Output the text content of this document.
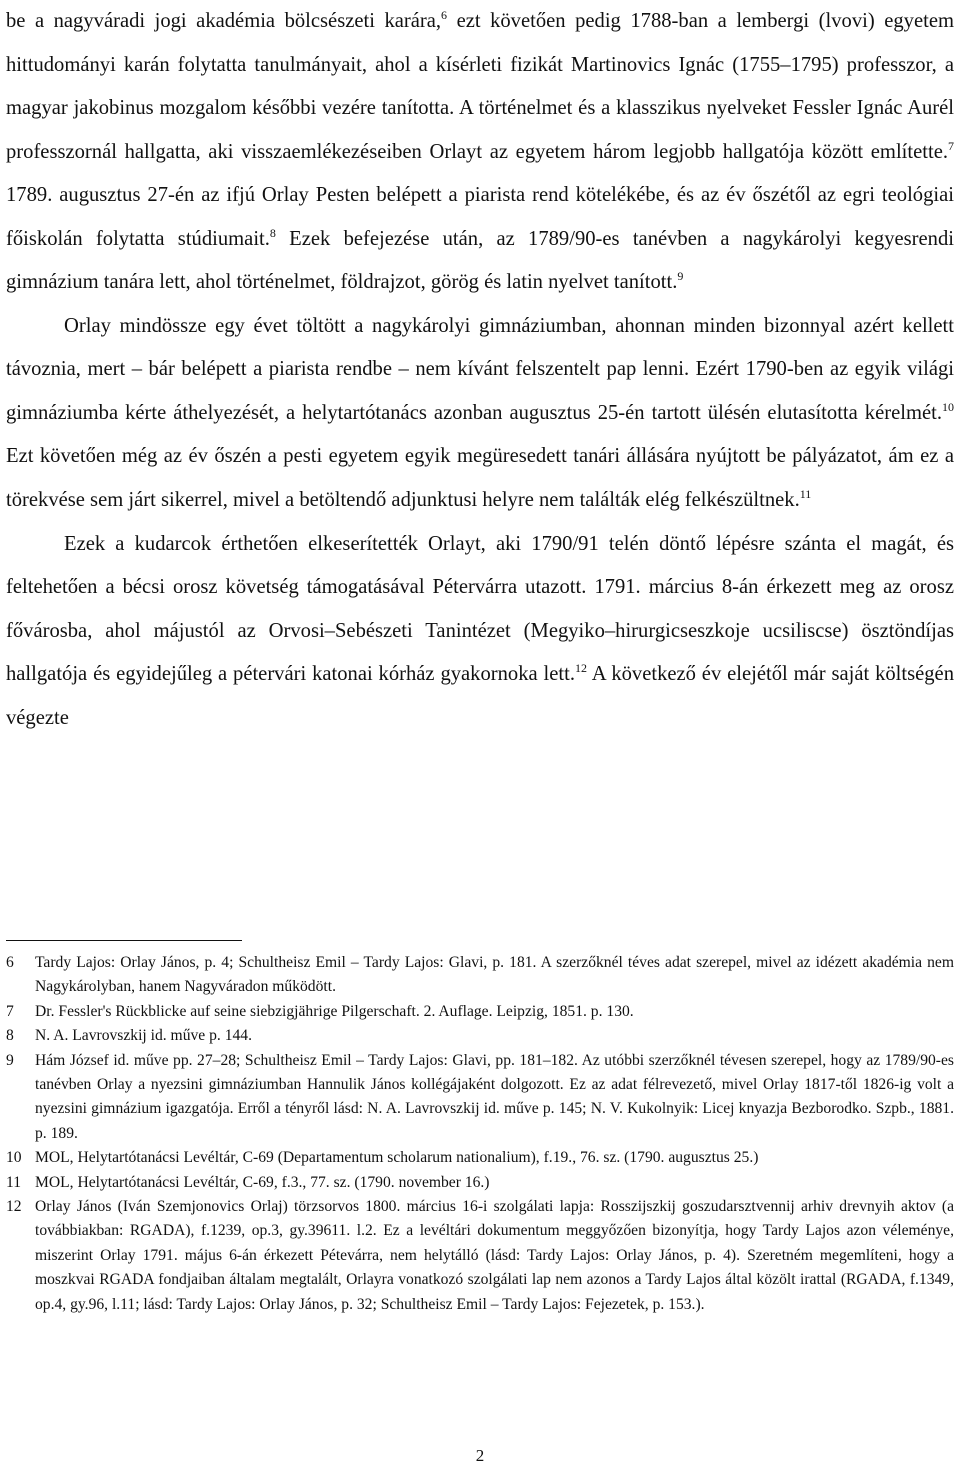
be a nagyváradi jogi akadémia bölcsészeti karára,$^6$ ezt követően pedig 1788-ban a lembergi (lvovi) egyetem hittudományi karán folytatta tanulmányait, ahol a kísérleti fizikát Martinovics Ignác (1755–1795) professzor, a magyar jakobinus mozgalom későbbi vezére tanította. A történelmet és a klasszikus nyelveket Fessler Ignác Aurél professzornál hallgatta, aki visszaemlékezéseiben Orlayt az egyetem három legjobb hallgatója között említette.$^7$ 1789. augusztus 27-én az ifjú Orlay Pesten belépett a piarista rend kötelékébe, és az év őszétől az egri teológiai főiskolán folytatta stúdiumait.$^8$ Ezek befejezése után, az 1789/90-es tanévben a nagykárolyi kegyesrendi gimnázium tanára lett, ahol történelmet, földrajzot, görög és latin nyelvet tanított.$^9$

Orlay mindössze egy évet töltött a nagykárolyi gimnáziumban, ahonnan minden bizonnyal azért kellett távoznia, mert – bár belépett a piarista rendbe – nem kívánt felszentelt pap lenni. Ezért 1790-ben az egyik világi gimnáziumba kérte áthelyezését, a helytartótanács azonban augusztus 25-én tartott ülésén elutasította kérelmét.$^{10}$ Ezt követően még az év őszén a pesti egyetem egyik megüresedett tanári állására nyújtott be pályázatot, ám ez a törekvése sem járt sikerrel, mivel a betöltendő adjunktusi helyre nem találták elég felkészültnek.$^{11}$

Ezek a kudarcok érthetően elkeserítették Orlayt, aki 1790/91 telén döntő lépésre szánta el magát, és feltehetően a bécsi orosz követség támogatásával Pétervárra utazott. 1791. március 8-án érkezett meg az orosz fővárosba, ahol májustól az Orvosi–Sebészeti Tanintézet (Megyiko–hirurgicseszkoje ucsiliscse) ösztöndíjas hallgatója és egyidejűleg a pétervári katonai kórház gyakornoka lett.$^{12}$ A következő év elejétől már saját költségén végezte

6 Tardy Lajos: Orlay János, p. 4; Schultheisz Emil – Tardy Lajos: Glavi, p. 181. A szerzőknél téves adat szerepel, mivel az idézett akadémia nem Nagykárolyban, hanem Nagyváradon működött.
7 Dr. Fessler's Rückblicke auf seine siebzigjährige Pilgerschaft. 2. Auflage. Leipzig, 1851. p. 130.
8 N. A. Lavrovszkij id. műve p. 144.
9 Hám József id. műve pp. 27–28; Schultheisz Emil – Tardy Lajos: Glavi, pp. 181–182. Az utóbbi szerzőknél tévesen szerepel, hogy az 1789/90-es tanévben Orlay a nyezsini gimnáziumban Hannulik János kollégájaként dolgozott. Ez az adat félrevezető, mivel Orlay 1817-től 1826-ig volt a nyezsini gimnázium igazgatója. Erről a tényről lásd: N. A. Lavrovszkij id. műve p. 145; N. V. Kukolnyik: Licej knyazja Bezborodko. Szpb., 1881. p. 189.
10 MOL, Helytartótanácsi Levéltár, C-69 (Departamentum scholarum nationalium), f.19., 76. sz. (1790. augusztus 25.)
11 MOL, Helytartótanácsi Levéltár, C-69, f.3., 77. sz. (1790. november 16.)
12 Orlay János (Iván Szemjonovics Orlaj) törzsorvos 1800. március 16-i szolgálati lapja: Rosszijszkij goszudarsztvennij arhiv drevnyih aktov (a továbbiakban: RGADA), f.1239, op.3, gy.39611. l.2. Ez a levéltári dokumentum meggyőzően bizonyítja, hogy Tardy Lajos azon véleménye, miszerint Orlay 1791. május 6-án érkezett Pétevárra, nem helytálló (lásd: Tardy Lajos: Orlay János, p. 4). Szeretném megemlíteni, hogy a moszkvai RGADA fondjaiban általam megtalált, Orlayra vonatkozó szolgálati lap nem azonos a Tardy Lajos által közölt irattal (RGADA, f.1349, op.4, gy.96, l.11; lásd: Tardy Lajos: Orlay János, p. 32; Schultheisz Emil – Tardy Lajos: Fejezetek, p. 153.).
2
